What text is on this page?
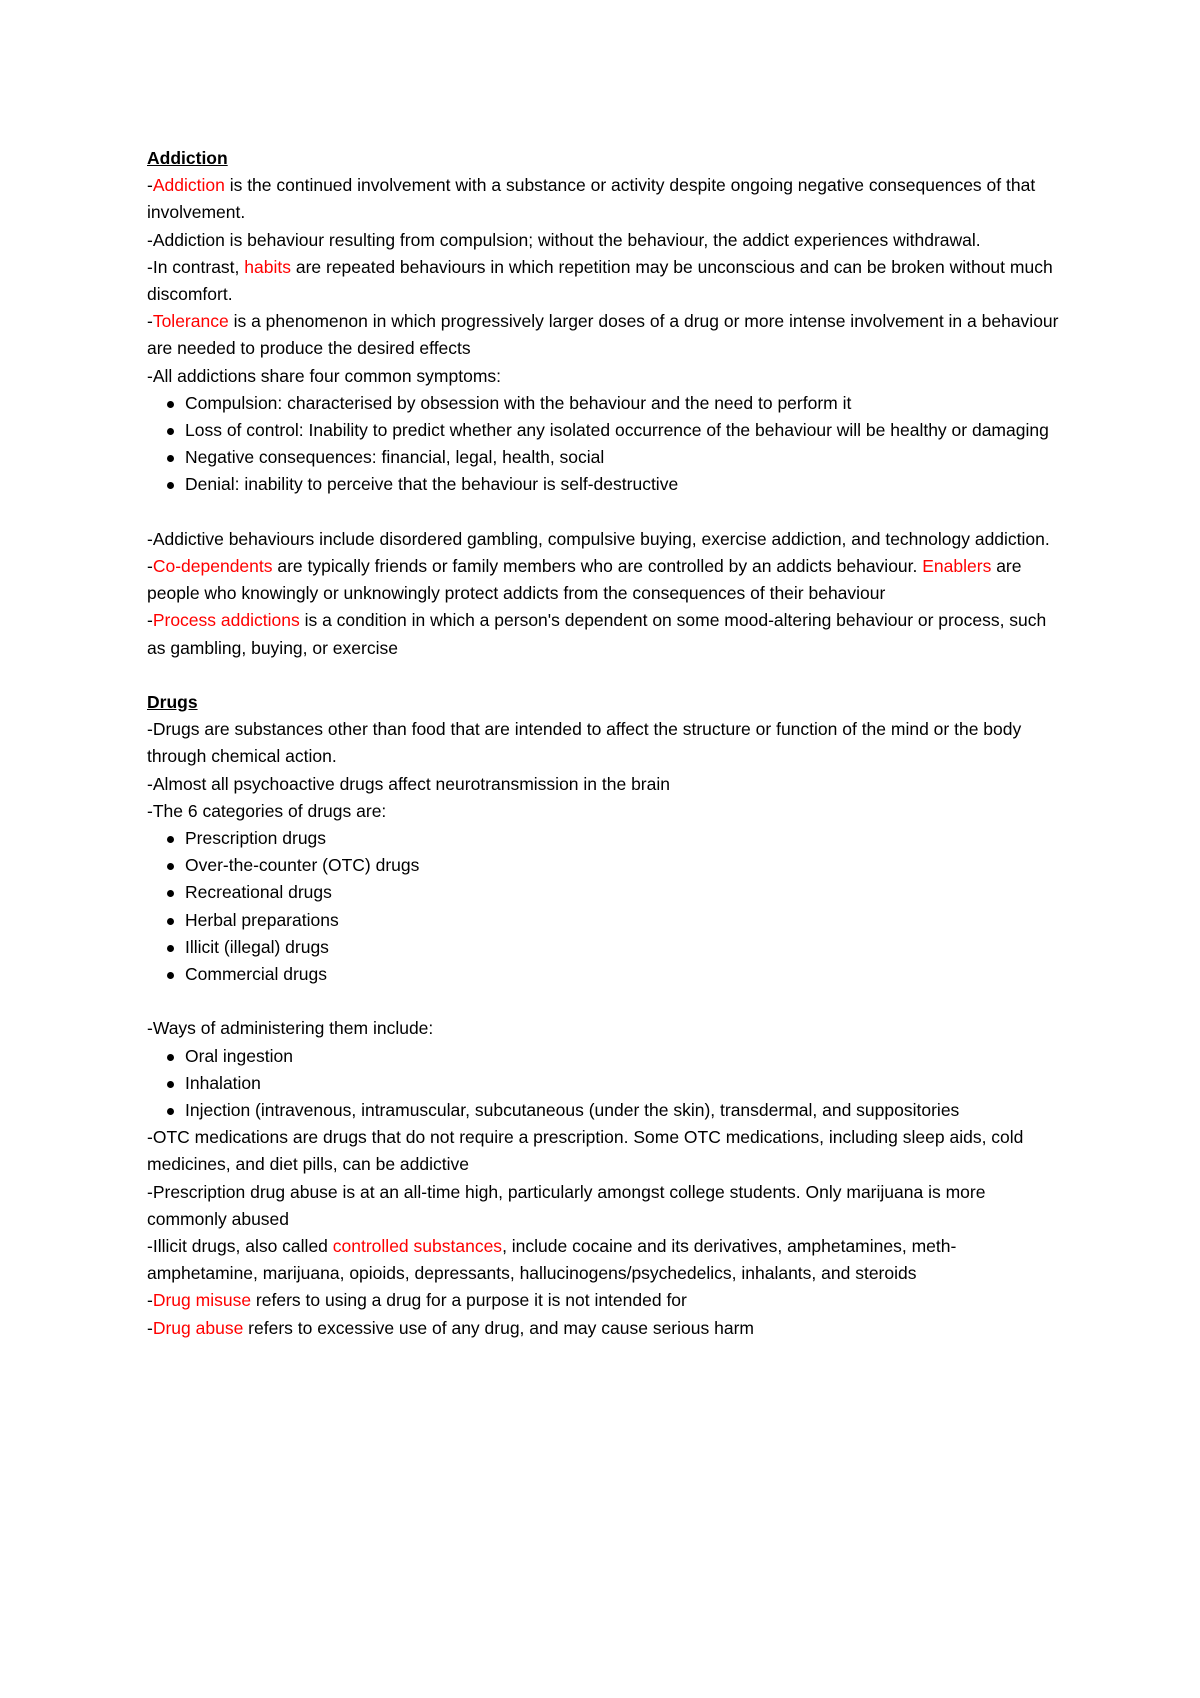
Addiction

-Addiction is the continued involvement with a substance or activity despite ongoing negative consequences of that involvement.

-Addiction is behaviour resulting from compulsion; without the behaviour, the addict experiences withdrawal.

-In contrast, habits are repeated behaviours in which repetition may be unconscious and can be broken without much discomfort.

-Tolerance is a phenomenon in which progressively larger doses of a drug or more intense involvement in a behaviour are needed to produce the desired effects

-All addictions share four common symptoms:

Compulsion: characterised by obsession with the behaviour and the need to perform it
Loss of control: Inability to predict whether any isolated occurrence of the behaviour will be healthy or damaging
Negative consequences: financial, legal, health, social
Denial: inability to perceive that the behaviour is self-destructive

-Addictive behaviours include disordered gambling, compulsive buying, exercise addiction, and technology addiction.

-Co-dependents are typically friends or family members who are controlled by an addicts behaviour. Enablers are people who knowingly or unknowingly protect addicts from the consequences of their behaviour

-Process addictions is a condition in which a person's dependent on some mood-altering behaviour or process, such as gambling, buying, or exercise

Drugs

-Drugs are substances other than food that are intended to affect the structure or function of the mind or the body through chemical action.

-Almost all psychoactive drugs affect neurotransmission in the brain

-The 6 categories of drugs are:

Prescription drugs
Over-the-counter (OTC) drugs
Recreational drugs
Herbal preparations
Illicit (illegal) drugs
Commercial drugs

-Ways of administering them include:

Oral ingestion
Inhalation
Injection (intravenous, intramuscular, subcutaneous (under the skin), transdermal, and suppositories

-OTC medications are drugs that do not require a prescription. Some OTC medications, including sleep aids, cold medicines, and diet pills, can be addictive

-Prescription drug abuse is at an all-time high, particularly amongst college students. Only marijuana is more commonly abused

-Illicit drugs, also called controlled substances, include cocaine and its derivatives, amphetamines, meth-amphetamine, marijuana, opioids, depressants, hallucinogens/psychedelics, inhalants, and steroids

-Drug misuse refers to using a drug for a purpose it is not intended for

-Drug abuse refers to excessive use of any drug, and may cause serious harm
